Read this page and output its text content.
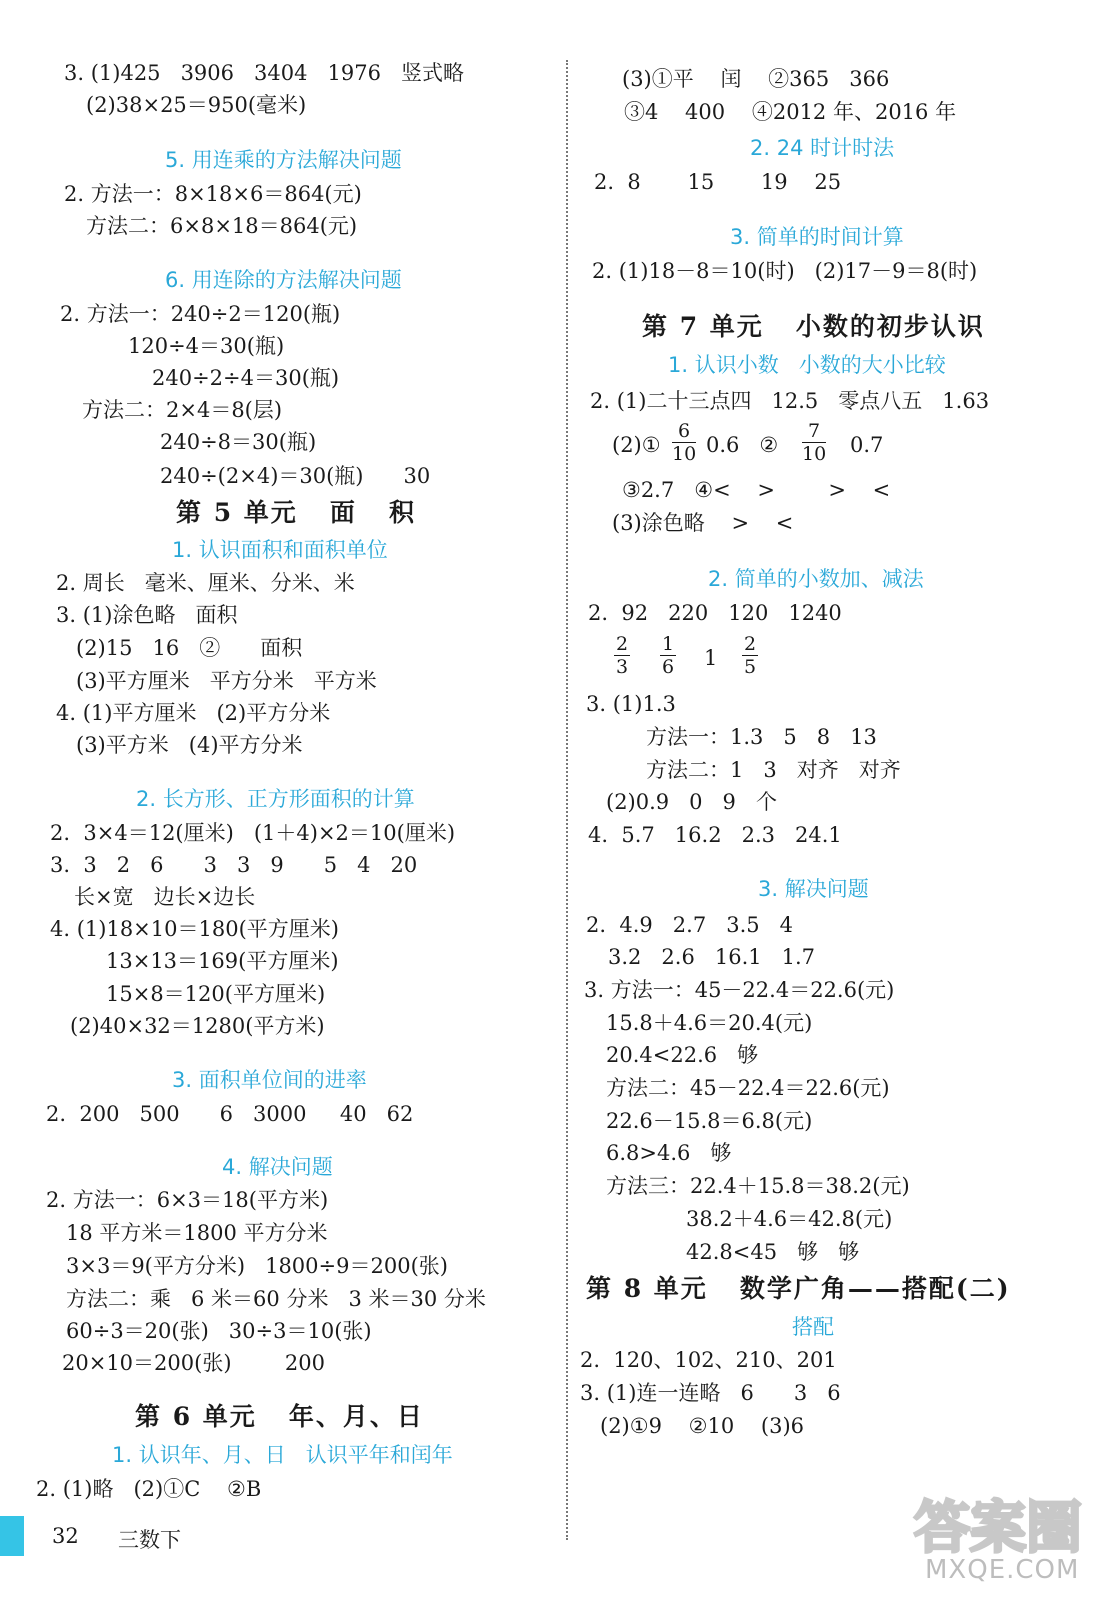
3. (1)425   3906   3404   1976   竖式略
(2)38×25＝950(毫米)
5. 用连乘的方法解决问题
2. 方法一：8×18×6＝864(元)
方法二：6×8×18＝864(元)
6. 用连除的方法解决问题
2. 方法一：240÷2＝120(瓶)
120÷4＝30(瓶)
240÷2÷4＝30(瓶)
方法二：2×4＝8(层)
240÷8＝30(瓶)
240÷(2×4)＝30(瓶)      30
第 5 单元   面   积
1. 认识面积和面积单位
2. 周长   毫米、厘米、分米、米
3. (1)涂色略   面积
(2)15   16   ②      面积
(3)平方厘米   平方分米   平方米
4. (1)平方厘米   (2)平方分米
(3)平方米   (4)平方分米
2. 长方形、正方形面积的计算
2.  3×4＝12(厘米)   (1＋4)×2＝10(厘米)
3.  3   2   6      3   3   9      5   4   20
长×宽   边长×边长
4. (1)18×10＝180(平方厘米)
13×13＝169(平方厘米)
15×8＝120(平方厘米)
(2)40×32＝1280(平方米)
3. 面积单位间的进率
2.  200   500      6   3000     40   62
4. 解决问题
2. 方法一：6×3＝18(平方米)
18 平方米＝1800 平方分米
3×3＝9(平方分米)   1800÷9＝200(张)
方法二：乘   6 米＝60 分米   3 米＝30 分米
60÷3＝20(张)   30÷3＝10(张)
20×10＝200(张)        200
第 6 单元   年、月、日
1. 认识年、月、日   认识平年和闰年
2. (1)略   (2)①C    ②B
(3)①平    闰    ②365   366
③4    400    ④2012 年、2016 年
2. 24 时计时法
2.  8       15       19    25
3. 简单的时间计算
2. (1)18－8＝10(时)   (2)17－9＝8(时)
第 7 单元   小数的初步认识
1. 认识小数   小数的大小比较
2. (1)二十三点四   12.5   零点八五   1.63
(2)①
6
10 0.6   ②
7
10 0.7
③2.7   ④<    >        >    <
(3)涂色略    >    <
2. 简单的小数加、减法
2.  92   220   120   1240
2
3
1
6 1
2
5
3. (1)1.3
方法一：1.3   5   8   13
方法二：1   3   对齐   对齐
(2)0.9   0   9   个
4.  5.7   16.2   2.3   24.1
3. 解决问题
2.  4.9   2.7   3.5   4
3.2   2.6   16.1   1.7
3. 方法一：45－22.4＝22.6(元)
15.8＋4.6＝20.4(元)
20.4<22.6   够
方法二：45－22.4＝22.6(元)
22.6－15.8＝6.8(元)
6.8>4.6   够
方法三：22.4＋15.8＝38.2(元)
38.2＋4.6＝42.8(元)
42.8<45   够   够
第 8 单元   数学广角——搭配(二)
搭配
2.  120、102、210、201
3. (1)连一连略   6      3   6
(2)①9    ②10    (3)6
32 三数下	答案圈
MXQE.COM
